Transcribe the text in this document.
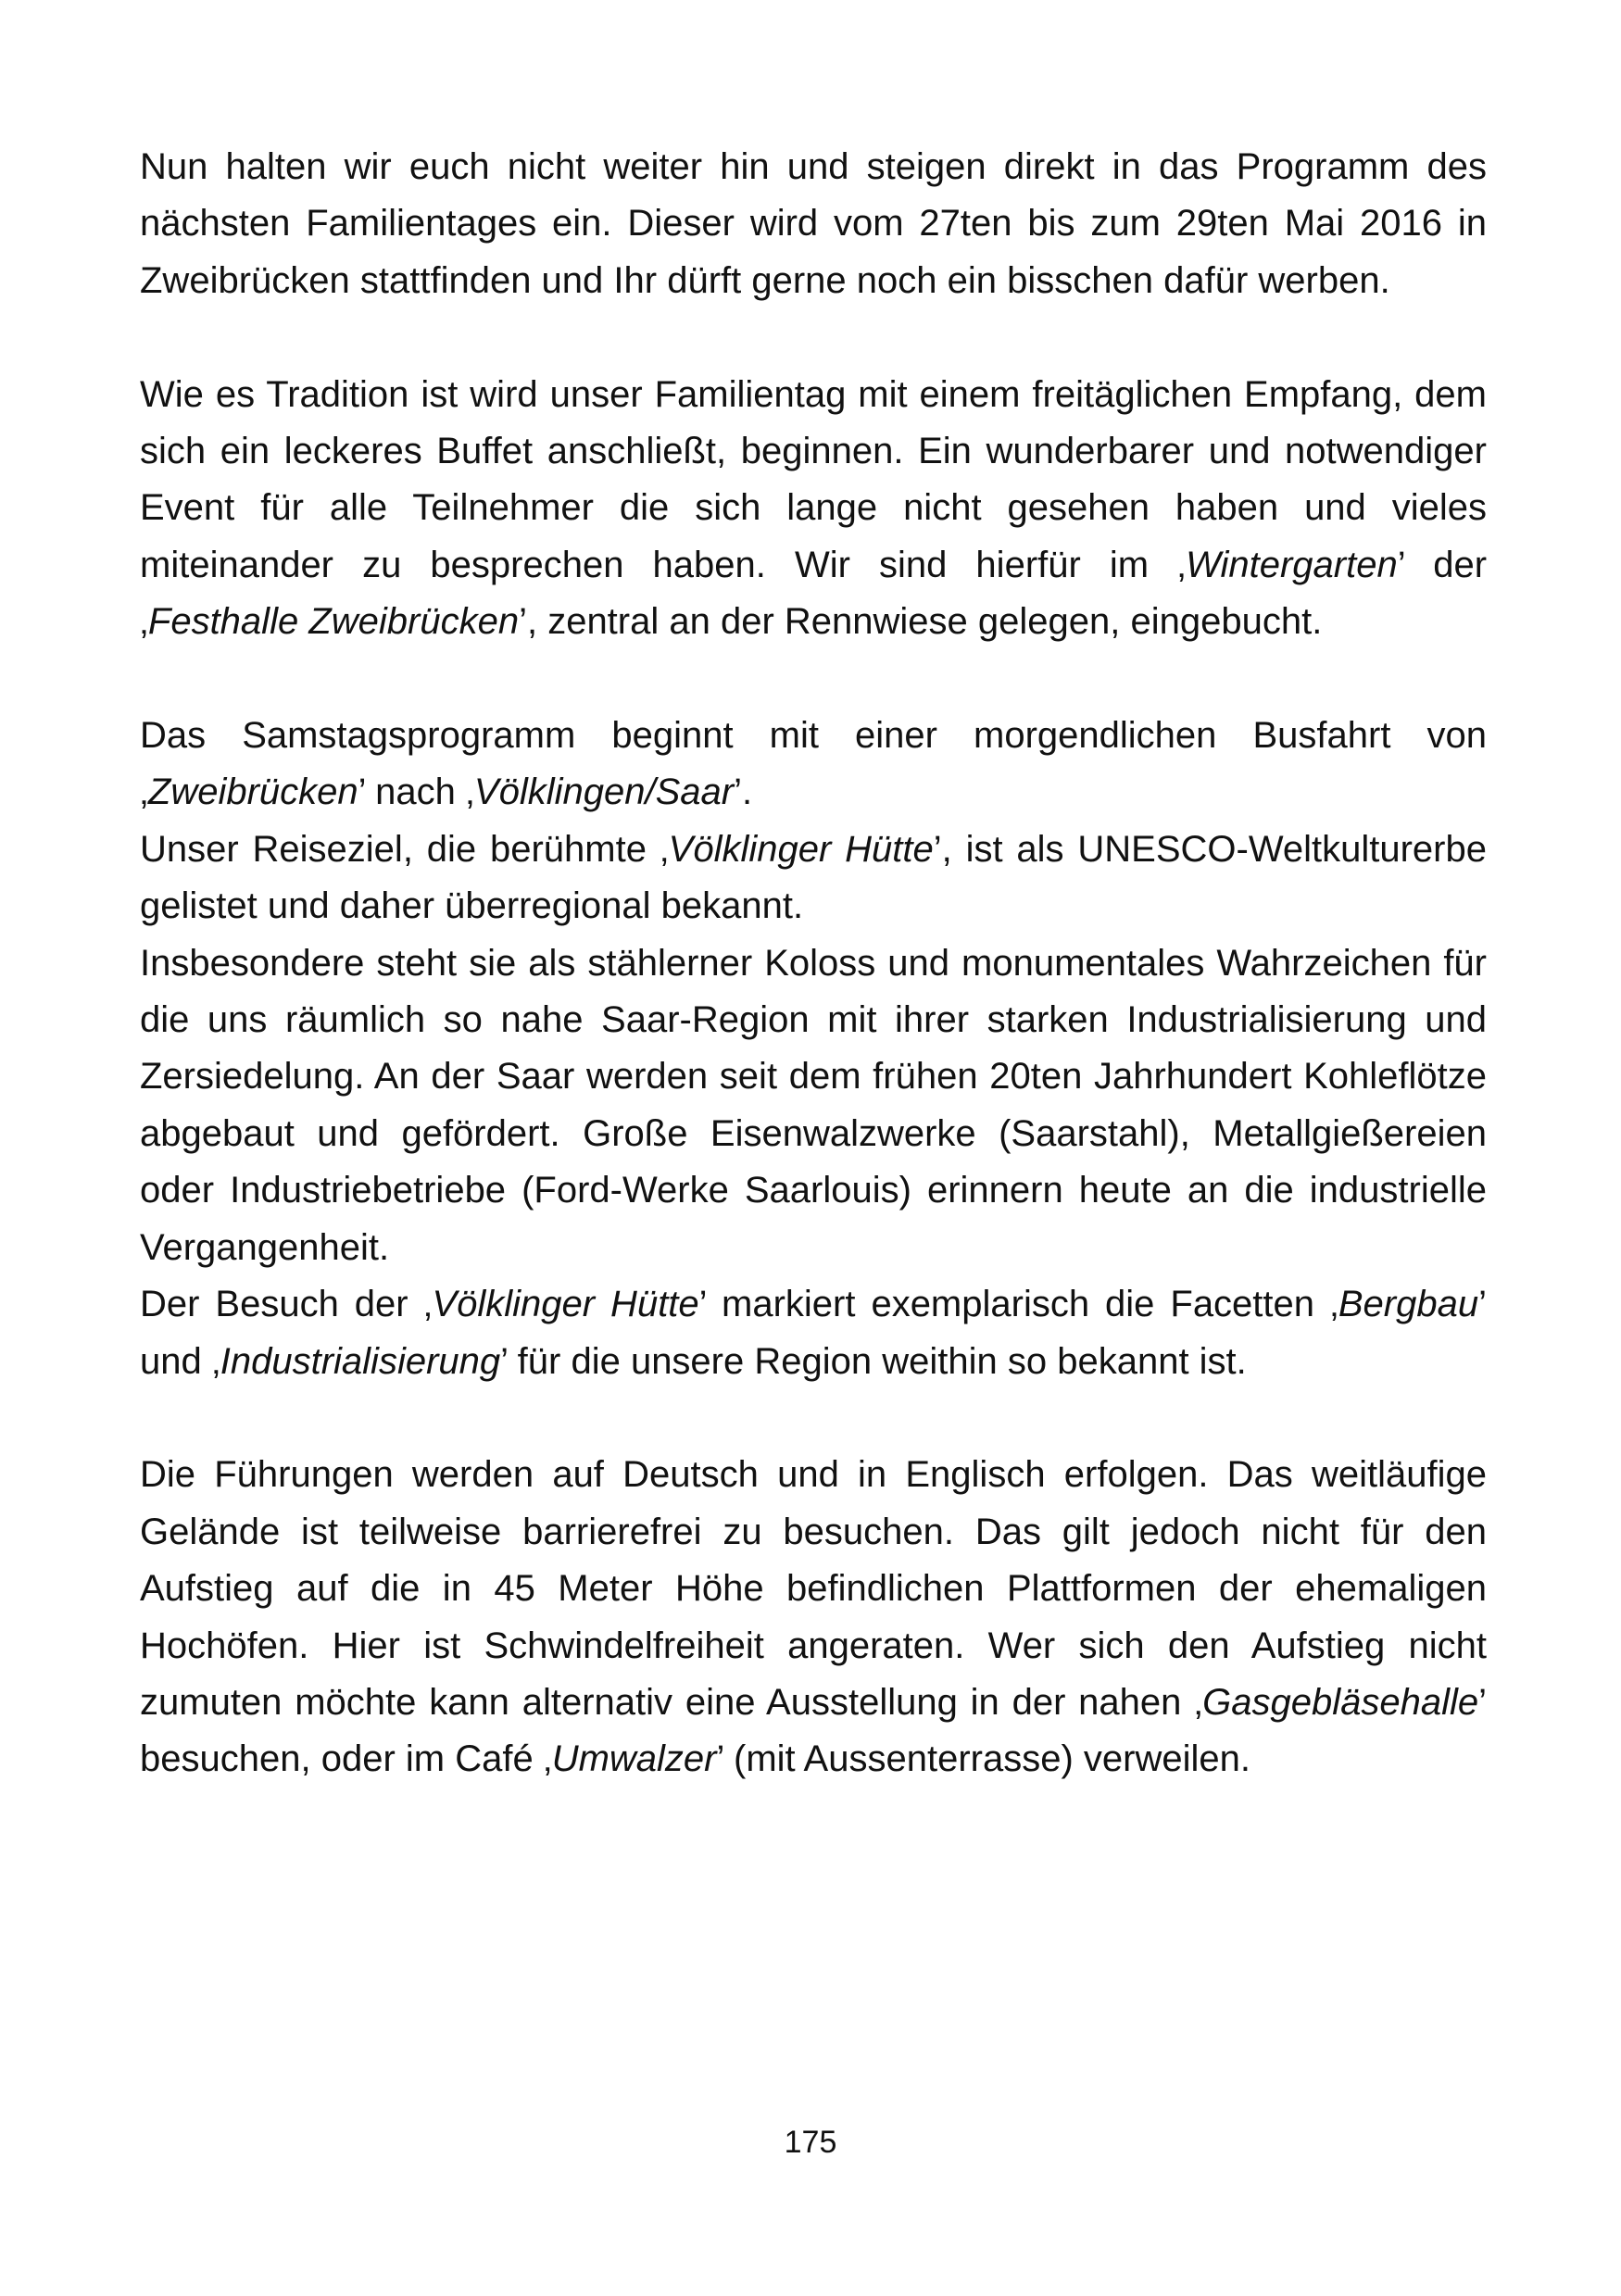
Nun halten wir euch nicht weiter hin und steigen direkt in das Programm des nächsten Familientages ein. Dieser wird vom 27ten bis zum 29ten Mai 2016 in Zweibrücken stattfinden und Ihr dürft gerne noch ein bisschen dafür werben.

Wie es Tradition ist wird unser Familientag mit einem freitäglichen Empfang, dem sich ein leckeres Buffet anschließt, beginnen. Ein wunderbarer und notwendiger Event für alle Teilnehmer die sich lange nicht gesehen haben und vieles miteinander zu besprechen haben. Wir sind hierfür im ‚Wintergarten’ der ‚Festhalle Zweibrücken’, zentral an der Rennwiese gelegen, eingebucht.

Das Samstagsprogramm beginnt mit einer morgendlichen Busfahrt von ‚Zweibrücken’ nach ‚Völklingen/Saar’.

Unser Reiseziel, die berühmte ‚Völklinger Hütte’, ist als UNESCO-Weltkulturerbe gelistet und daher überregional bekannt.

Insbesondere steht sie als stählerner Koloss und monumentales Wahrzeichen für die uns räumlich so nahe Saar-Region mit ihrer starken Industrialisierung und Zersiedelung. An der Saar werden seit dem frühen 20ten Jahrhundert Kohleflötze abgebaut und gefördert. Große Eisenwalzwerke (Saarstahl), Metallgießereien oder Industriebetriebe (Ford-Werke Saarlouis) erinnern heute an die industrielle Vergangenheit.

Der Besuch der ‚Völklinger Hütte’ markiert exemplarisch die Facetten ‚Bergbau’ und ‚Industrialisierung’ für die unsere Region weithin so bekannt ist.

Die Führungen werden auf Deutsch und in Englisch erfolgen. Das weitläufige Gelände ist teilweise barrierefrei zu besuchen. Das gilt jedoch nicht für den Aufstieg auf die in 45 Meter Höhe befindlichen Plattformen der ehemaligen Hochöfen. Hier ist Schwindelfreiheit angeraten. Wer sich den Aufstieg nicht zumuten möchte kann alternativ eine Ausstellung in der nahen ‚Gasgebläsehalle’ besuchen, oder im Café ‚Umwalzer’ (mit Aussenterrasse) verweilen.

175
